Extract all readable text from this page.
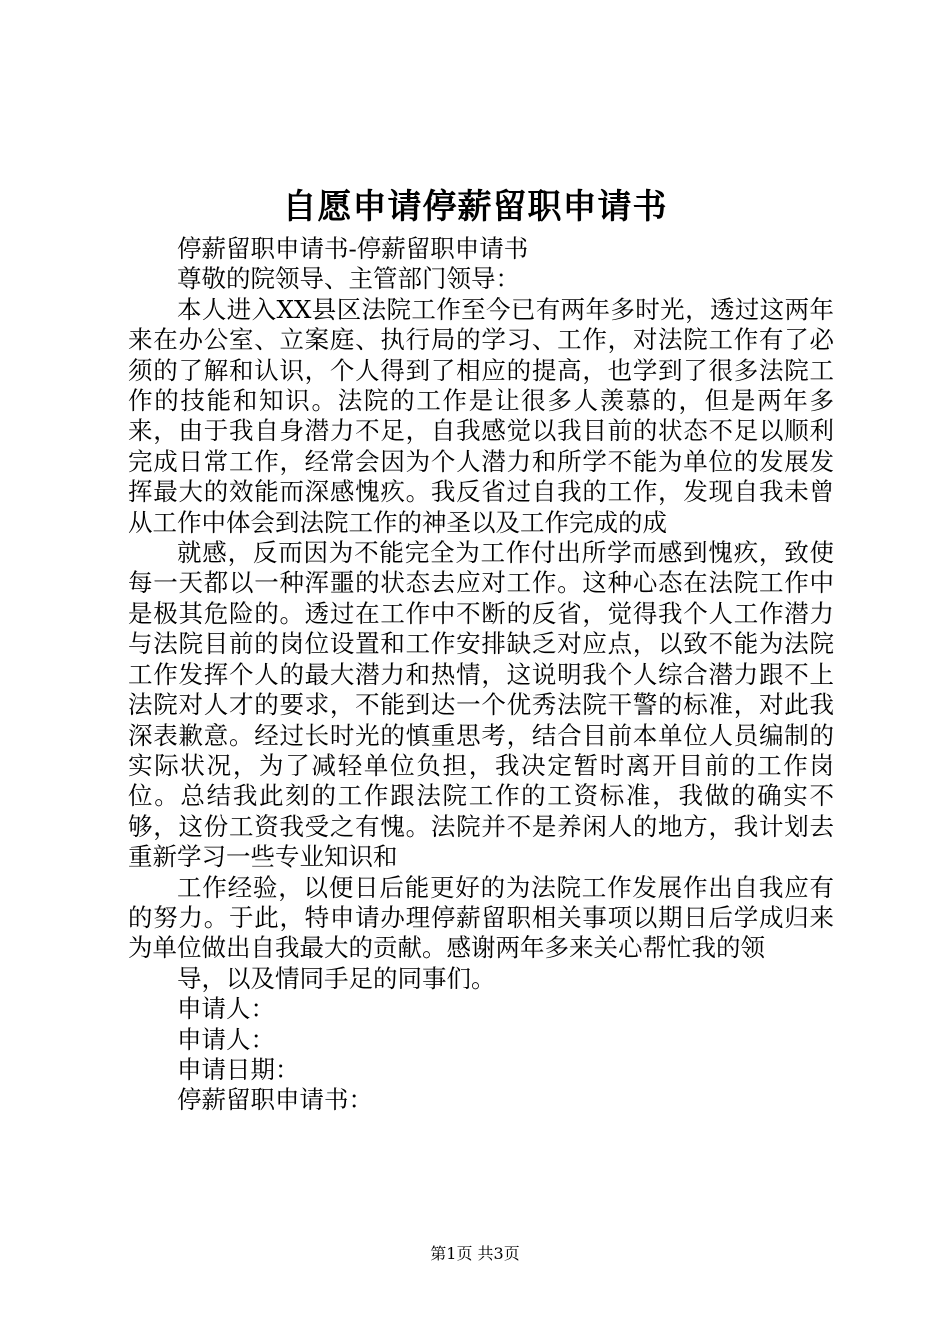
自愿申请停薪留职申请书

停薪留职申请书-停薪留职申请书

尊敬的院领导、主管部门领导：

本人进入XX县区法院工作至今已有两年多时光，透过这两年来在办公室、立案庭、执行局的学习、工作，对法院工作有了必须的了解和认识，个人得到了相应的提高，也学到了很多法院工作的技能和知识。法院的工作是让很多人羡慕的，但是两年多来，由于我自身潜力不足，自我感觉以我目前的状态不足以顺利完成日常工作，经常会因为个人潜力和所学不能为单位的发展发挥最大的效能而深感愧疚。我反省过自我的工作，发现自我未曾从工作中体会到法院工作的神圣以及工作完成的成

就感，反而因为不能完全为工作付出所学而感到愧疚，致使每一天都以一种浑噩的状态去应对工作。这种心态在法院工作中是极其危险的。透过在工作中不断的反省，觉得我个人工作潜力与法院目前的岗位设置和工作安排缺乏对应点，以致不能为法院工作发挥个人的最大潜力和热情，这说明我个人综合潜力跟不上法院对人才的要求，不能到达一个优秀法院干警的标准，对此我深表歉意。经过长时光的慎重思考，结合目前本单位人员编制的实际状况，为了减轻单位负担，我决定暂时离开目前的工作岗位。总结我此刻的工作跟法院工作的工资标准，我做的确实不够，这份工资我受之有愧。法院并不是养闲人的地方，我计划去重新学习一些专业知识和

工作经验，以便日后能更好的为法院工作发展作出自我应有的努力。于此，特申请办理停薪留职相关事项以期日后学成归来为单位做出自我最大的贡献。感谢两年多来关心帮忙我的领

导，以及情同手足的同事们。

申请人：

申请人：

申请日期：

停薪留职申请书：

第1页 共3页
